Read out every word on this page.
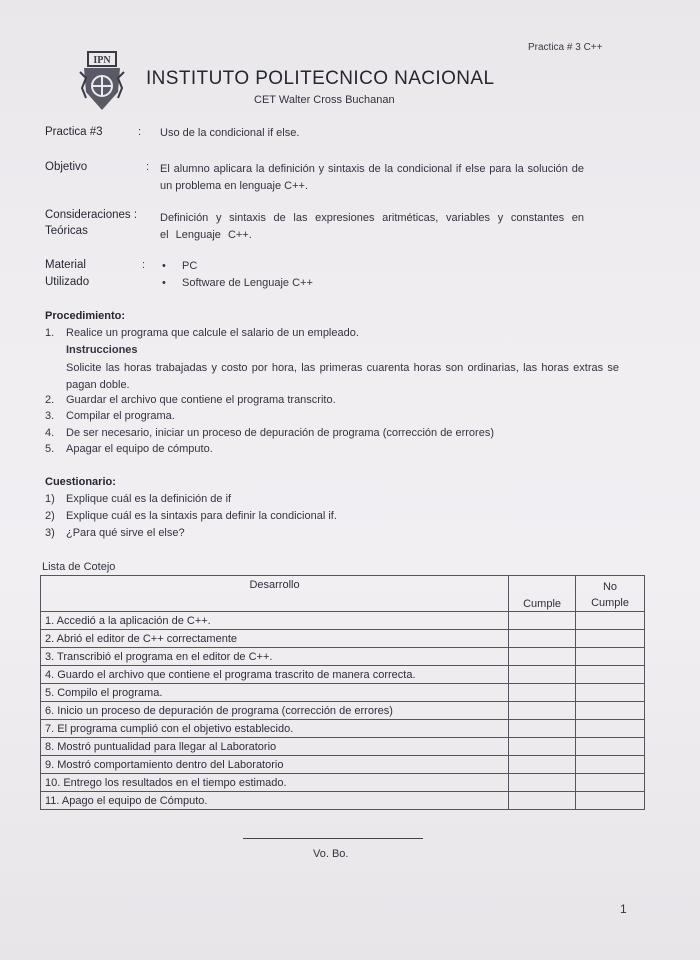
Practica # 3 C++
IPN
INSTITUTO POLITECNICO NACIONAL
CET Walter Cross Buchanan
Practica #3	: Uso de la condicional if else.
Objetivo	: El alumno aplicara la definición y sintaxis de la condicional if else para la solución de un problema en lenguaje C++.
Consideraciones :
Teóricas
Definición y sintaxis de las expresiones aritméticas, variables y constantes en el Lenguaje C++.
Material
Utilizado
:	• PC
• Software de Lenguaje C++
Procedimiento:
1. Realice un programa que calcule el salario de un empleado.
Instrucciones
Solicite las horas trabajadas y costo por hora, las primeras cuarenta horas son ordinarias, las horas extras se pagan doble.
2. Guardar el archivo que contiene el programa transcrito.
3. Compilar el programa.
4. De ser necesario, iniciar un proceso de depuración de programa (corrección de errores)
5. Apagar el equipo de cómputo.
Cuestionario:
1) Explique cuál es la definición de if
2) Explique cuál es la sintaxis para definir la condicional if.
3) ¿Para qué sirve el else?
Lista de Cotejo
Desarrollo	Cumple	No
Cumple
1. Accedió a la aplicación de C++.		
2. Abrió el editor de C++ correctamente		
3. Transcribió el programa en el editor de C++.		
4. Guardo el archivo que contiene el programa trascrito de manera correcta.		
5. Compilo el programa.		
6. Inicio un proceso de depuración de programa (corrección de errores)		
7. El programa cumplió con el objetivo establecido.		
8. Mostró puntualidad para llegar al Laboratorio		
9. Mostró comportamiento dentro del Laboratorio		
10. Entrego los resultados en el tiempo estimado.		
11. Apago el equipo de Cómputo.		
Vo. Bo.
1
